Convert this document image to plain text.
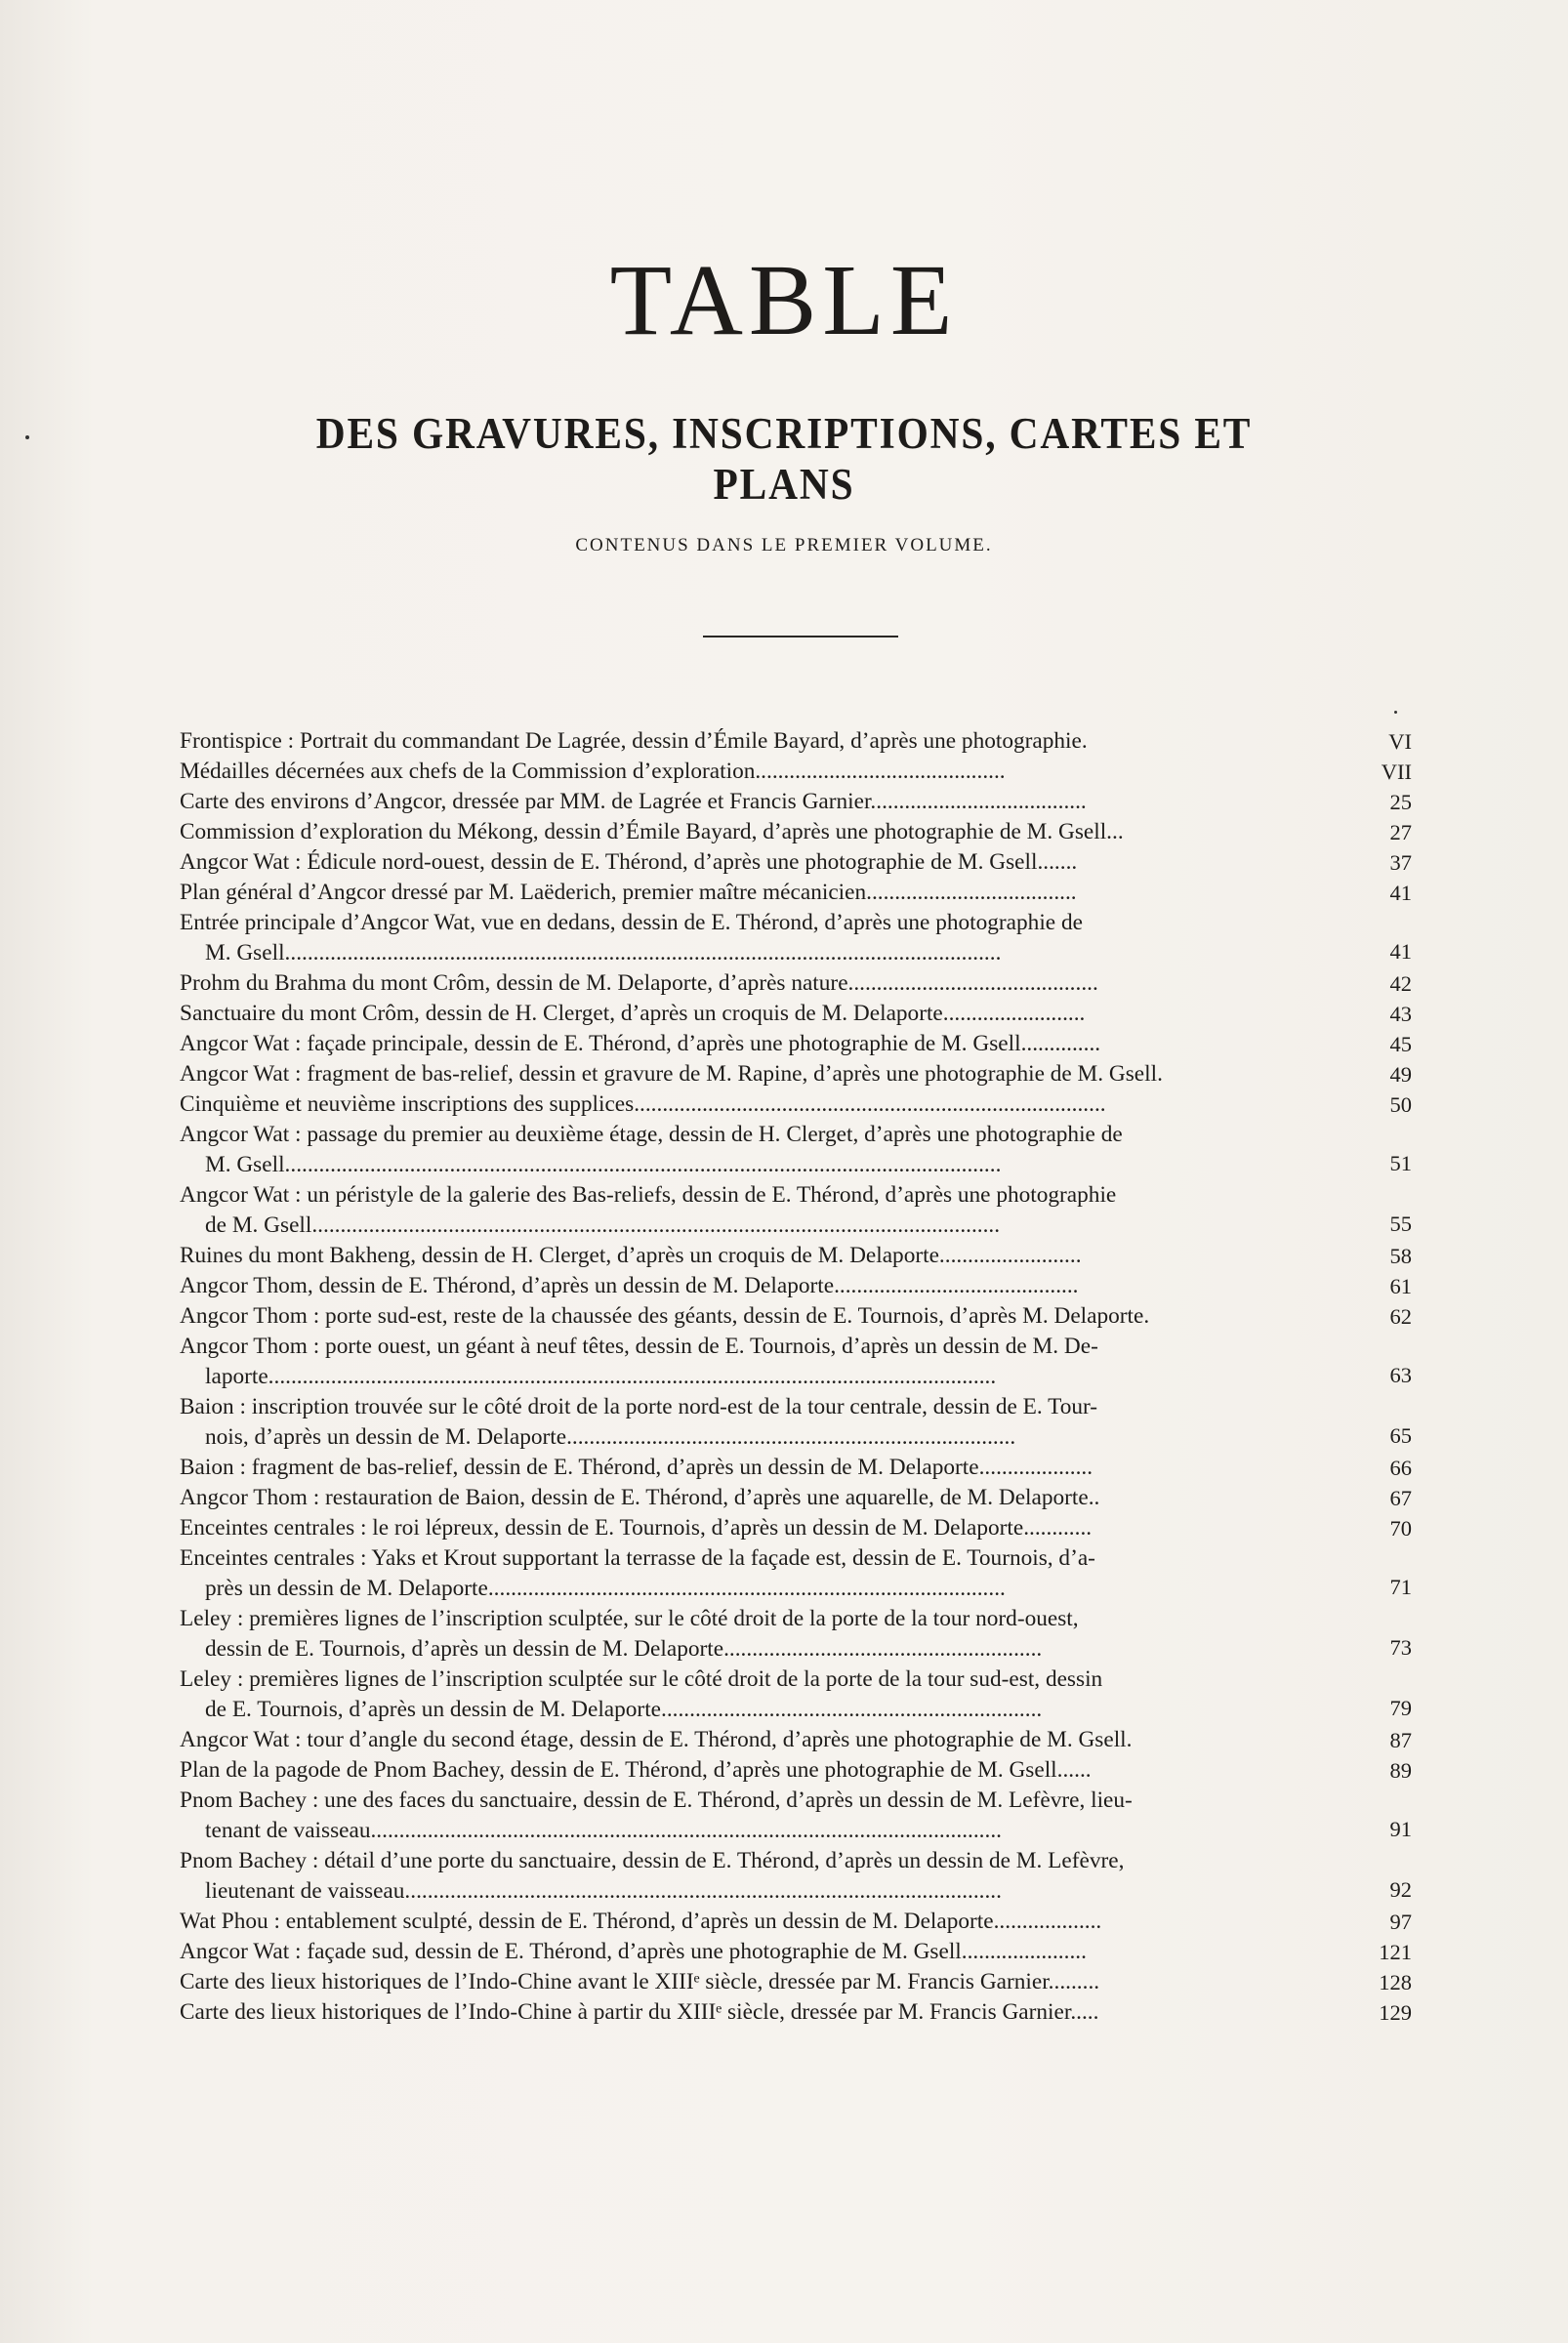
TABLE
DES GRAVURES, INSCRIPTIONS, CARTES ET PLANS
CONTENUS DANS LE PREMIER VOLUME.
Frontispice : Portrait du commandant De Lagrée, dessin d’Émile Bayard, d’après une photographie.	VI
Médailles décernées aux chefs de la Commission d’exploration............................................	VII
Carte des environs d’Angcor, dressée par MM. de Lagrée et Francis Garnier......................................	25
Commission d’exploration du Mékong, dessin d’Émile Bayard, d’après une photographie de M. Gsell...	27
Angcor Wat : Édicule nord-ouest, dessin de E. Thérond, d’après une photographie de M. Gsell.......	37
Plan général d’Angcor dressé par M. Laëderich, premier maître mécanicien.....................................	41
Entrée principale d’Angcor Wat, vue en dedans, dessin de E. Thérond, d’après une photographie de
M. Gsell..............................................................................................................................	41
Prohm du Brahma du mont Crôm, dessin de M. Delaporte, d’après nature............................................	42
Sanctuaire du mont Crôm, dessin de H. Clerget, d’après un croquis de M. Delaporte.........................	43
Angcor Wat : façade principale, dessin de E. Thérond, d’après une photographie de M. Gsell..............	45
Angcor Wat : fragment de bas-relief, dessin et gravure de M. Rapine, d’après une photographie de M. Gsell.	49
Cinquième et neuvième inscriptions des supplices...................................................................................	50
Angcor Wat : passage du premier au deuxième étage, dessin de H. Clerget, d’après une photographie de
M. Gsell..............................................................................................................................	51
Angcor Wat : un péristyle de la galerie des Bas-reliefs, dessin de E. Thérond, d’après une photographie
de M. Gsell.........................................................................................................................	55
Ruines du mont Bakheng, dessin de H. Clerget, d’après un croquis de M. Delaporte.........................	58
Angcor Thom, dessin de E. Thérond, d’après un dessin de M. Delaporte...........................................	61
Angcor Thom : porte sud-est, reste de la chaussée des géants, dessin de E. Tournois, d’après M. Delaporte.	62
Angcor Thom : porte ouest, un géant à neuf têtes, dessin de E. Tournois, d’après un dessin de M. De-
laporte................................................................................................................................	63
Baion : inscription trouvée sur le côté droit de la porte nord-est de la tour centrale, dessin de E. Tour-
nois, d’après un dessin de M. Delaporte...............................................................................	65
Baion : fragment de bas-relief, dessin de E. Thérond, d’après un dessin de M. Delaporte....................	66
Angcor Thom : restauration de Baion, dessin de E. Thérond, d’après une aquarelle, de M. Delaporte..	67
Enceintes centrales : le roi lépreux, dessin de E. Tournois, d’après un dessin de M. Delaporte............	70
Enceintes centrales : Yaks et Krout supportant la terrasse de la façade est, dessin de E. Tournois, d’a-
près un dessin de M. Delaporte...........................................................................................	71
Leley : premières lignes de l’inscription sculptée, sur le côté droit de la porte de la tour nord-ouest,
dessin de E. Tournois, d’après un dessin de M. Delaporte........................................................	73
Leley : premières lignes de l’inscription sculptée sur le côté droit de la porte de la tour sud-est, dessin
de E. Tournois, d’après un dessin de M. Delaporte...................................................................	79
Angcor Wat : tour d’angle du second étage, dessin de E. Thérond, d’après une photographie de M. Gsell.	87
Plan de la pagode de Pnom Bachey, dessin de E. Thérond, d’après une photographie de M. Gsell......	89
Pnom Bachey : une des faces du sanctuaire, dessin de E. Thérond, d’après un dessin de M. Lefèvre, lieu-
tenant de vaisseau...............................................................................................................	91
Pnom Bachey : détail d’une porte du sanctuaire, dessin de E. Thérond, d’après un dessin de M. Lefèvre,
lieutenant de vaisseau.........................................................................................................	92
Wat Phou : entablement sculpté, dessin de E. Thérond, d’après un dessin de M. Delaporte...................	97
Angcor Wat : façade sud, dessin de E. Thérond, d’après une photographie de M. Gsell......................	121
Carte des lieux historiques de l’Indo-Chine avant le XIIIᵉ siècle, dressée par M. Francis Garnier.........	128
Carte des lieux historiques de l’Indo-Chine à partir du XIIIᵉ siècle, dressée par M. Francis Garnier.....	129
